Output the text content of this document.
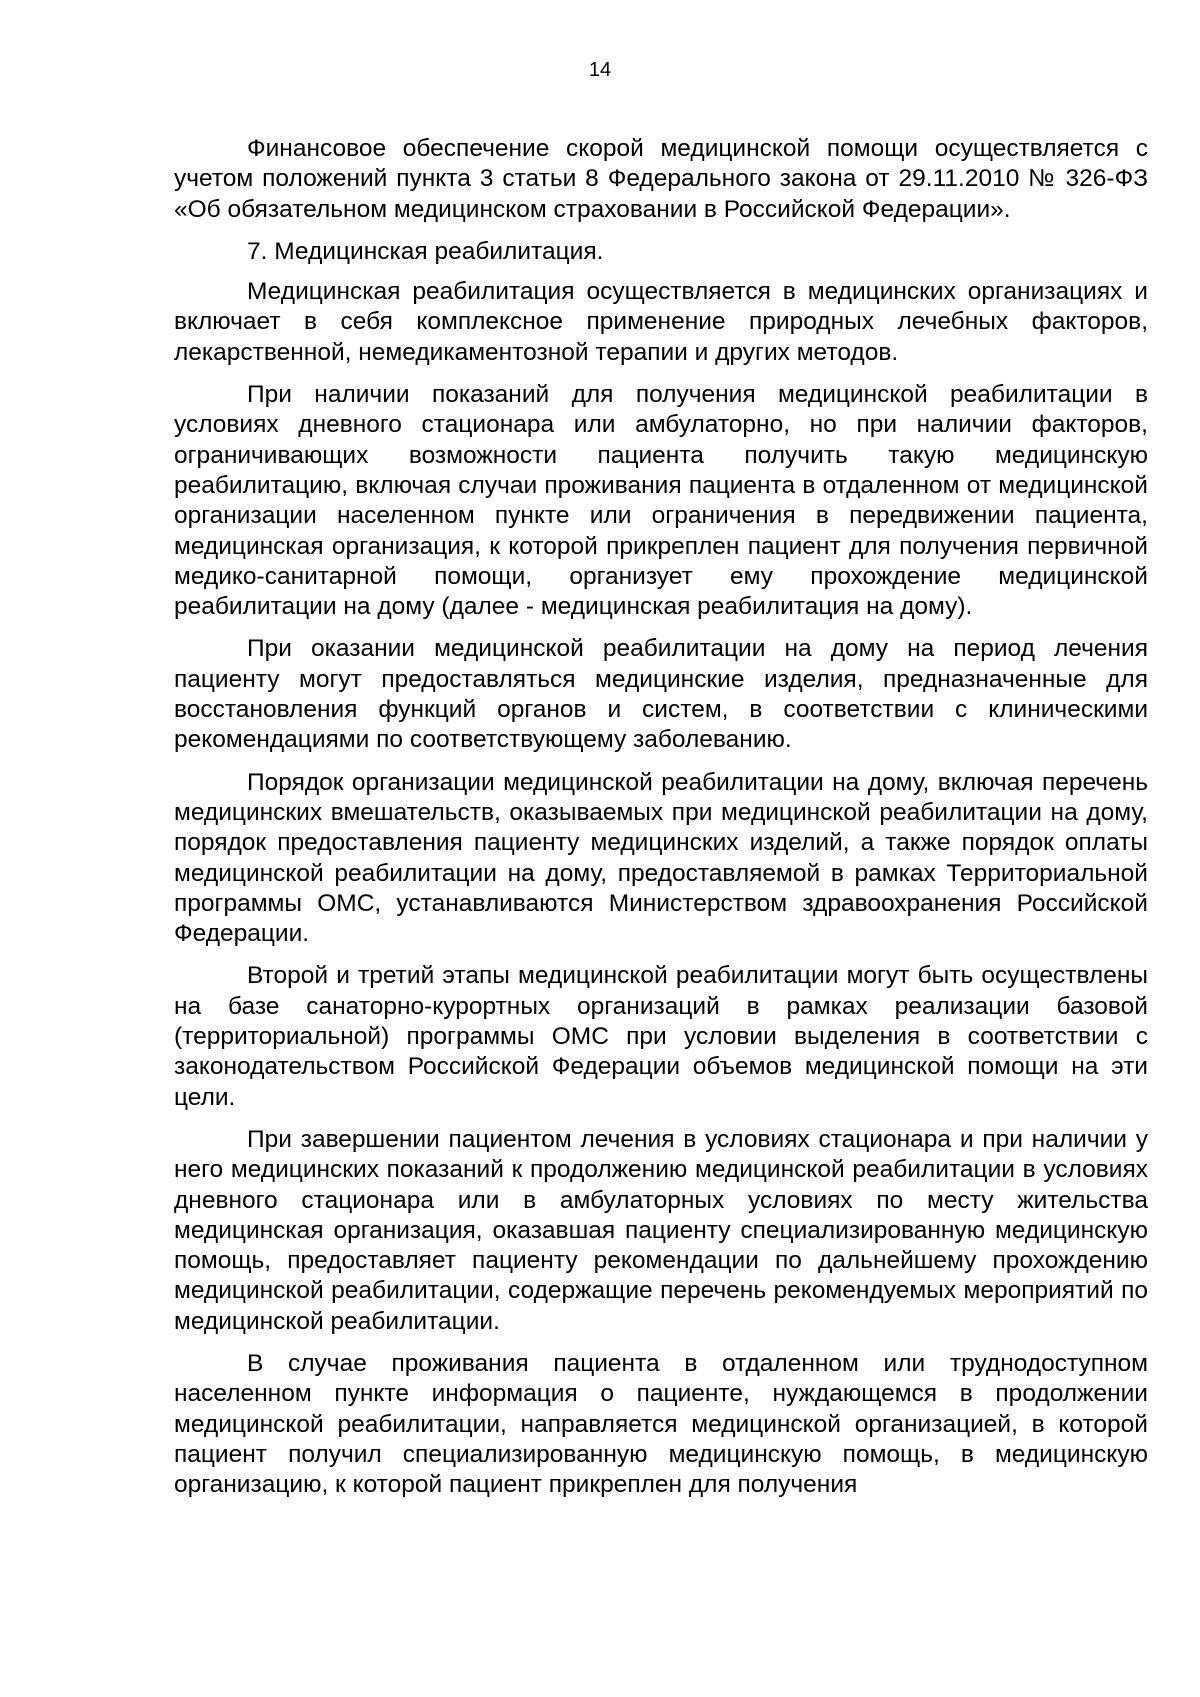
14

Финансовое обеспечение скорой медицинской помощи осуществляется с учетом положений пункта 3 статьи 8 Федерального закона от 29.11.2010 № 326-ФЗ «Об обязательном медицинском страховании в Российской Федерации».

7. Медицинская реабилитация.

Медицинская реабилитация осуществляется в медицинских организациях и включает в себя комплексное применение природных лечебных факторов, лекарственной, немедикаментозной терапии и других методов.

При наличии показаний для получения медицинской реабилитации в условиях дневного стационара или амбулаторно, но при наличии факторов, ограничивающих возможности пациента получить такую медицинскую реабилитацию, включая случаи проживания пациента в отдаленном от медицинской организации населенном пункте или ограничения в передвижении пациента, медицинская организация, к которой прикреплен пациент для получения первичной медико-санитарной помощи, организует ему прохождение медицинской реабилитации на дому (далее - медицинская реабилитация на дому).

При оказании медицинской реабилитации на дому на период лечения пациенту могут предоставляться медицинские изделия, предназначенные для восстановления функций органов и систем, в соответствии с клиническими рекомендациями по соответствующему заболеванию.

Порядок организации медицинской реабилитации на дому, включая перечень медицинских вмешательств, оказываемых при медицинской реабилитации на дому, порядок предоставления пациенту медицинских изделий, а также порядок оплаты медицинской реабилитации на дому, предоставляемой в рамках Территориальной программы ОМС, устанавливаются Министерством здравоохранения Российской Федерации.

Второй и третий этапы медицинской реабилитации могут быть осуществлены на базе санаторно-курортных организаций в рамках реализации базовой (территориальной) программы ОМС при условии выделения в соответствии с законодательством Российской Федерации объемов медицинской помощи на эти цели.

При завершении пациентом лечения в условиях стационара и при наличии у него медицинских показаний к продолжению медицинской реабилитации в условиях дневного стационара или в амбулаторных условиях по месту жительства медицинская организация, оказавшая пациенту специализированную медицинскую помощь, предоставляет пациенту рекомендации по дальнейшему прохождению медицинской реабилитации, содержащие перечень рекомендуемых мероприятий по медицинской реабилитации.

В случае проживания пациента в отдаленном или труднодоступном населенном пункте информация о пациенте, нуждающемся в продолжении медицинской реабилитации, направляется медицинской организацией, в которой пациент получил специализированную медицинскую помощь, в медицинскую организацию, к которой пациент прикреплен для получения
